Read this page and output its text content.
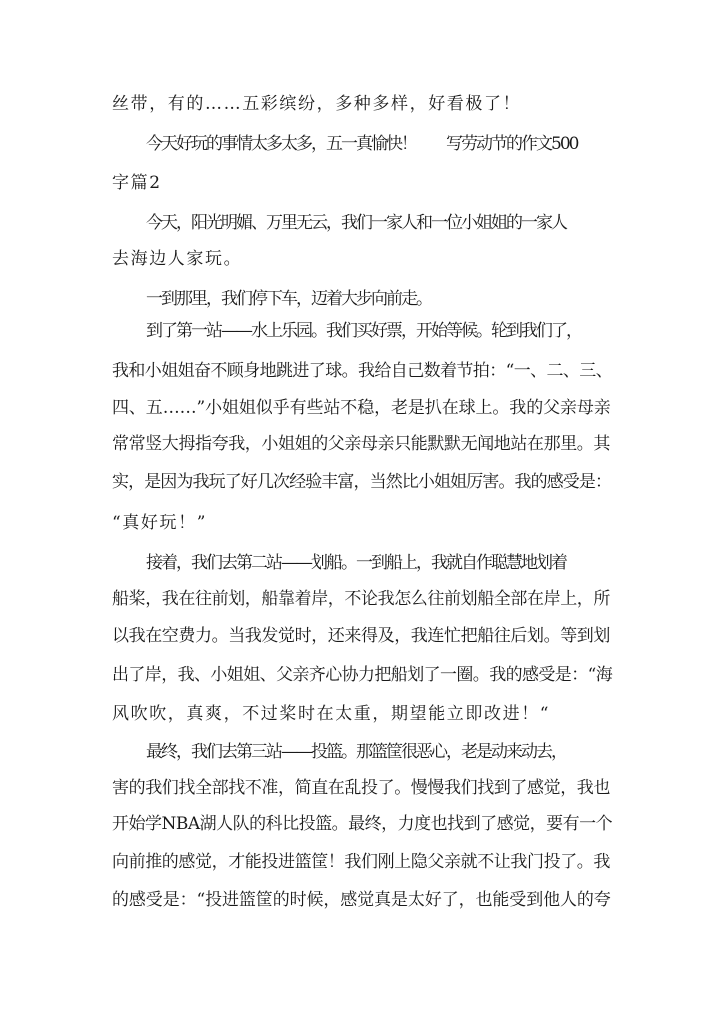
丝带，有的……五彩缤纷，多种多样，好看极了！
今天好玩的事情太多太多，五一真愉快！　　写劳动节的作文500
字篇2
今天，阳光明媚、万里无云，我们一家人和一位小姐姐的一家人
去海边人家玩。
一到那里，我们停下车，迈着大步向前走。
到了第一站——水上乐园。我们买好票，开始等候。轮到我们了，
我和小姐姐奋不顾身地跳进了球。我给自己数着节拍：“一、二、三、
四、五……”小姐姐似乎有些站不稳，老是扒在球上。我的父亲母亲
常常竖大拇指夸我，小姐姐的父亲母亲只能默默无闻地站在那里。其
实，是因为我玩了好几次经验丰富，当然比小姐姐厉害。我的感受是：
“真好玩！”
接着，我们去第二站——划船。一到船上，我就自作聪慧地划着
船桨，我在往前划，船靠着岸，不论我怎么往前划船全部在岸上，所
以我在空费力。当我发觉时，还来得及，我连忙把船往后划。等到划
出了岸，我、小姐姐、父亲齐心协力把船划了一圈。我的感受是：“海
风吹吹，真爽，不过桨时在太重，期望能立即改进！“
最终，我们去第三站——投篮。那篮筐很恶心，老是动来动去，
害的我们找全部找不准，简直在乱投了。慢慢我们找到了感觉，我也
开始学NBA湖人队的科比投篮。最终，力度也找到了感觉，要有一个
向前推的感觉，才能投进篮筐！我们刚上隐父亲就不让我门投了。我
的感受是：“投进篮筐的时候，感觉真是太好了，也能受到他人的夸
